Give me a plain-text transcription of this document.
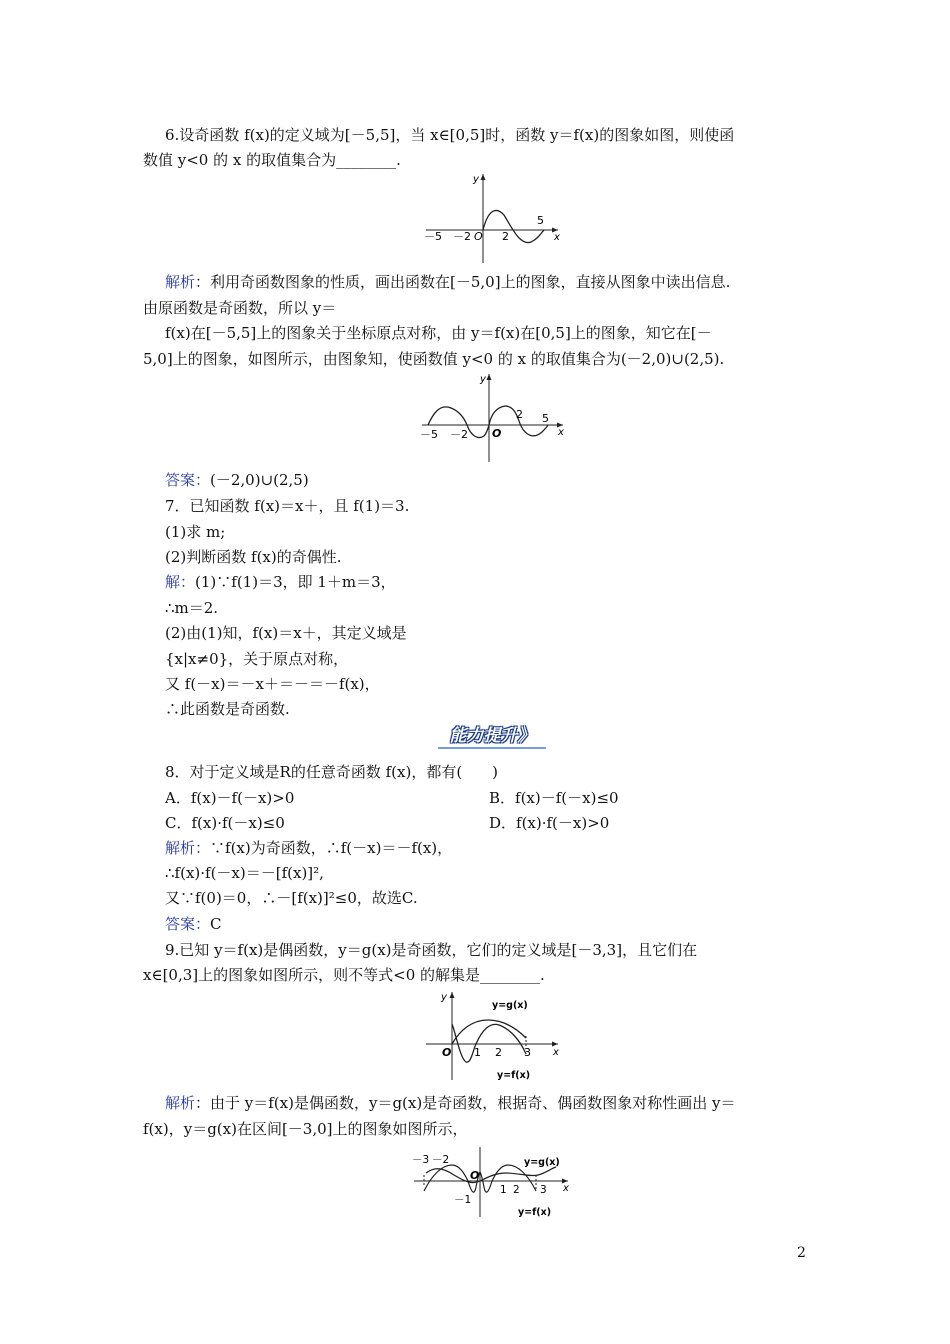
6.设奇函数 f(x)的定义域为[－5,5]，当 x∈[0,5]时，函数 y＝f(x)的图象如图，则使函
数值 y<0 的 x 的取值集合为________.
y
x
O
－5 －2	2
5
解析：利用奇函数图象的性质，画出函数在[－5,0]上的图象，直接从图象中读出信息.
由原函数是奇函数，所以 y＝
f(x)在[－5,5]上的图象关于坐标原点对称，由 y＝f(x)在[0,5]上的图象，知它在[－
5,0]上的图象，如图所示，由图象知，使函数值 y<0 的 x 的取值集合为(－2,0)∪(2,5).
y
x
O
－5 －2
2 5
答案：(－2,0)∪(2,5)
7．已知函数 f(x)＝x＋，且 f(1)＝3.
(1)求 m;
(2)判断函数 f(x)的奇偶性.
解：(1)∵f(1)＝3，即 1＋m＝3，
∴m＝2.
(2)由(1)知，f(x)＝x＋，其定义域是
{x|x≠0}，关于原点对称，
又 f(－x)＝－x＋＝－＝－f(x)，
∴此函数是奇函数.
能力提升》
8．对于定义域是R的任意奇函数 f(x)，都有(　　)
A．f(x)－f(－x)>0	B．f(x)－f(－x)≤0
C．f(x)·f(－x)≤0	D．f(x)·f(－x)>0
解析：∵f(x)为奇函数，∴f(－x)＝－f(x)，
∴f(x)·f(－x)＝－[f(x)]²,
又∵f(0)＝0，∴－[f(x)]²≤0，故选C.
答案：C
9.已知 y＝f(x)是偶函数，y＝g(x)是奇函数，它们的定义域是[－3,3]，且它们在
x∈[0,3]上的图象如图所示，则不等式<0 的解集是________.
y
x
O 1 2 3
y=g(x)
y=f(x)
解析：由于 y＝f(x)是偶函数，y＝g(x)是奇函数，根据奇、偶函数图象对称性画出 y＝
f(x)，y＝g(x)在区间[－3,0]上的图象如图所示，
－3 －2
－1
O
1 2 3 x
y=g(x)
y=f(x)
2
